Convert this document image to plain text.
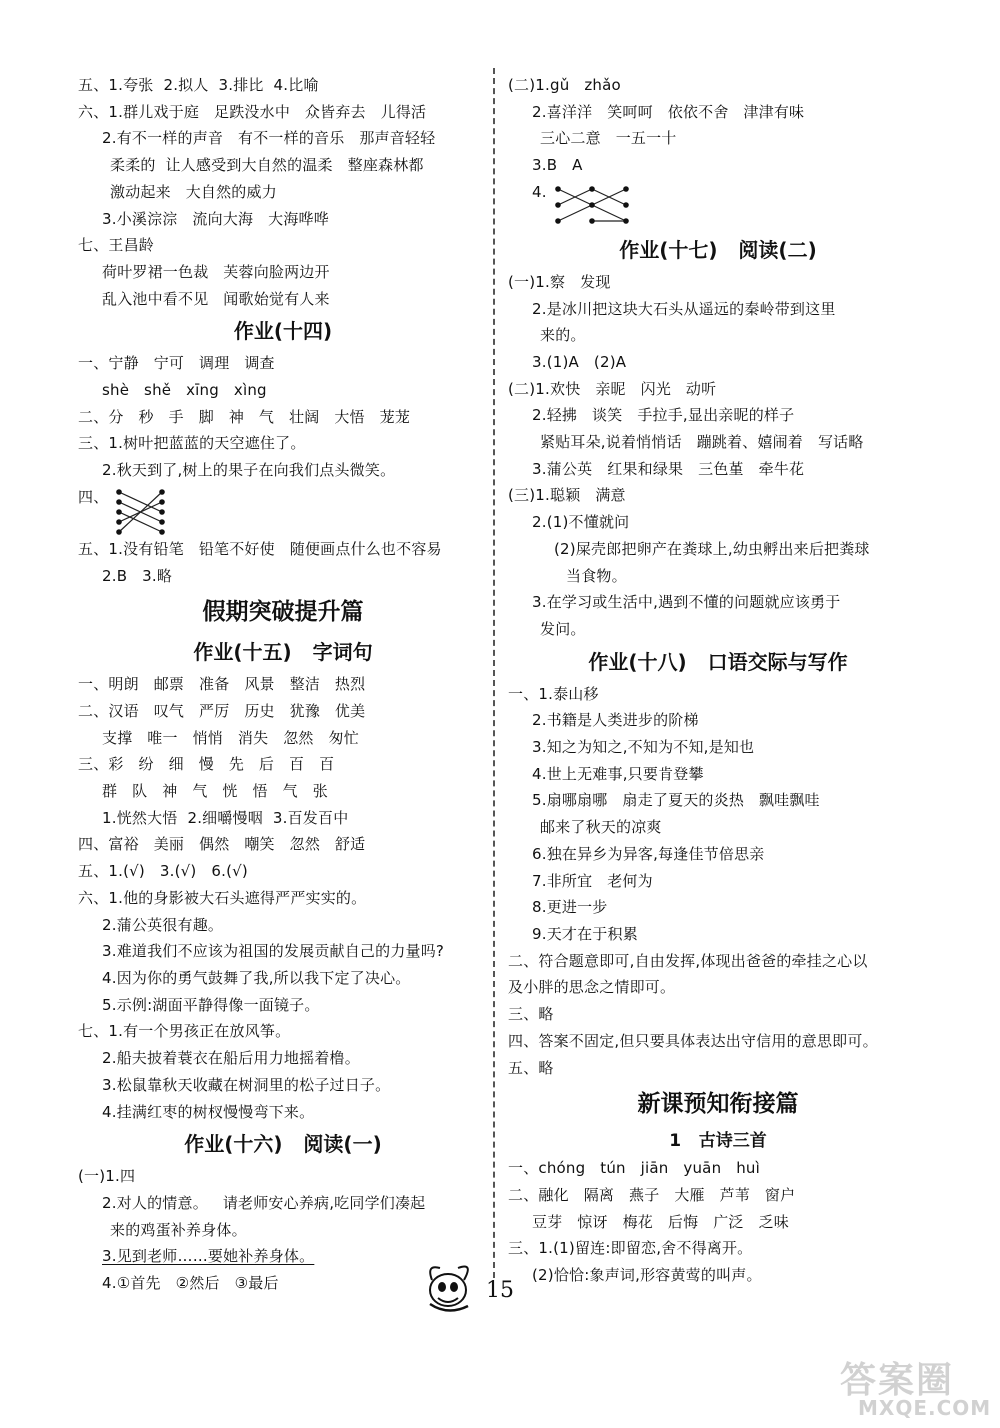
五、1.夸张  2.拟人  3.排比  4.比喻
六、1.群儿戏于庭   足跌没水中   众皆弃去   儿得活
2.有不一样的声音   有不一样的音乐   那声音轻轻
柔柔的  让人感受到大自然的温柔   整座森林都
激动起来   大自然的威力
3.小溪淙淙   流向大海   大海哗哗
七、王昌龄
荷叶罗裙一色裁   芙蓉向脸两边开
乱入池中看不见   闻歌始觉有人来
作业(十四)
一、宁静   宁可   调理   调查
shè   shě   xīng   xìng
二、分   秒   手   脚   神   气   壮阔   大悟   茏茏
三、1.树叶把蓝蓝的天空遮住了。
2.秋天到了,树上的果子在向我们点头微笑。
四、
五、1.没有铅笔   铅笔不好使   随便画点什么也不容易
2.B   3.略
假期突破提升篇
作业(十五)   字词句
一、明朗   邮票   准备   风景   整洁   热烈
二、汉语   叹气   严厉   历史   犹豫   优美
支撑   唯一   悄悄   消失   忽然   匆忙
三、彩   纷   细   慢   先   后   百   百
群   队   神   气   恍   悟   气   张
1.恍然大悟  2.细嚼慢咽  3.百发百中
四、富裕   美丽   偶然   嘲笑   忽然   舒适
五、1.(√)   3.(√)   6.(√)
六、1.他的身影被大石头遮得严严实实的。
2.蒲公英很有趣。
3.难道我们不应该为祖国的发展贡献自己的力量吗?
4.因为你的勇气鼓舞了我,所以我下定了决心。
5.示例:湖面平静得像一面镜子。
七、1.有一个男孩正在放风筝。
2.船夫披着蓑衣在船后用力地摇着橹。
3.松鼠靠秋天收藏在树洞里的松子过日子。
4.挂满红枣的树杈慢慢弯下来。
作业(十六)   阅读(一)
(一)1.四
2.对人的情意。   请老师安心养病,吃同学们凑起
来的鸡蛋补养身体。
3.见到老师……要她补养身体。
4.①首先   ②然后   ③最后
(二)1.gǔ   zhǎo
2.喜洋洋   笑呵呵   依依不舍   津津有味
三心二意   一五一十
3.B   A
4.
作业(十七)   阅读(二)
(一)1.察   发现
2.是冰川把这块大石头从遥远的秦岭带到这里
来的。
3.(1)A   (2)A
(二)1.欢快   亲昵   闪光   动听
2.轻拂   谈笑   手拉手,显出亲昵的样子
紧贴耳朵,说着悄悄话   蹦跳着、嬉闹着   写话略
3.蒲公英   红果和绿果   三色堇   牵牛花
(三)1.聪颖   满意
2.(1)不懂就问
(2)屎壳郎把卵产在粪球上,幼虫孵出来后把粪球
当食物。
3.在学习或生活中,遇到不懂的问题就应该勇于
发问。
作业(十八)   口语交际与写作
一、1.泰山移
2.书籍是人类进步的阶梯
3.知之为知之,不知为不知,是知也
4.世上无难事,只要肯登攀
5.扇哪扇哪   扇走了夏天的炎热   飘哇飘哇
邮来了秋天的凉爽
6.独在异乡为异客,每逢佳节倍思亲
7.非所宜   老何为
8.更进一步
9.天才在于积累
二、符合题意即可,自由发挥,体现出爸爸的牵挂之心以
及小胖的思念之情即可。
三、略
四、答案不固定,但只要具体表达出守信用的意思即可。
五、略
新课预知衔接篇
1   古诗三首
一、chóng   tún   jiān   yuān   huì
二、融化   隔离   燕子   大雁   芦苇   窗户
豆芽   惊讶   梅花   后悔   广泛   乏味
三、1.(1)留连:即留恋,舍不得离开。
(2)恰恰:象声词,形容黄莺的叫声。
15
答案圈
MXQE.COM
